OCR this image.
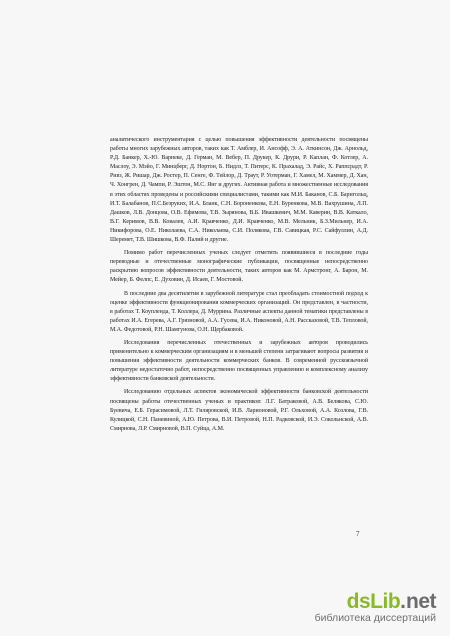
аналитического инструментария с целью повышения эффективности деятельности посвящены работы многих зарубежных авторов, таких как Т. Амблер, И. Ансофф, Э. А. Аткинсон, Дж. Арнольд, Р.Д. Банкер, Х.-Ю. Варнеке, Д. Герман, М. Вебер, П. Друкер, К. Друри, Р. Каплан, Ф. Котлер, А. Маслоу, Э. Мэйо, Г. Минцберг, Д. Нортон, Б. Нидлз, Т. Питерс, К. Прахалад, Э. Райс, Х. Раппсрадт, Р. Ривз, Ж. Ришар, Дж. Ростер, П. Сенге, Ф. Тейлор, Д. Траут, Р. Уотерман, Г. Хамел, М. Хаммер, Д. Хан, Ч. Хонгрен, Д. Чампи, Р. Эштон, М.С. Янг и других. Активная работа и множественные исследования в этих областях проведены и российскими специалистами, такими как М.И. Баканов, С.Б. Барнгольц, И.Т. Балабанов, П.С.Безруких, И.А. Бланк, С.Н. Бороненкова, Е.Н. Буренкова, М.В. Вахрушина, Л.П. Дашков, Л.В. Донцова, О.В. Ефимова, Т.В. Зырянова, В.Б. Ивашкевич, М.М. Каверин, В.В. Каткало, В.Г. Керимов, В.В. Ковалев, А.И. Кравченко, Д.И. Кравченко, М.В. Мельник, Б.З.Мильнер, И.А. Никифорова, О.Е. Николаева, С.А. Николаева, С.И. Полякова, Г.В. Савицкая, Р.С. Сайфуллин, А.Д. Шеремет, Т.В. Шишкова, В.Ф. Палий и другие.

Помимо работ перечисленных ученых следует отметить появившиеся в последние годы переводные и отечественные монографические публикации, посвященные непосредственно раскрытию вопросов эффективности деятельности, таких авторов как М. Армстронг, А. Барон, М. Мейер, Б. Фелпс, Е. Духовин, Д. Исаев, Г. Мостовой.

В последние два десятилетия в зарубежной литературе стал преобладать стоимостной подход к оценке эффективности функционирования коммерческих организаций. Он представлен, в частности, в работах Т. Коуплендa, Т. Коллера, Д. Муррина. Различные аспекты данной тематики представлены в работах И.А. Егерева, А.Г. Грязновой, А.А. Гусева, И.А. Никоновой, А.Н. Рассказовой, Т.В. Тепловой, М.А. Федотовой, Р.Н. Шамгунова, О.Н. Щербаковой.

Исследования перечисленных отечественных и зарубежных авторов проводились применительно к коммерческим организациям и в меньшей степени затрагивают вопросы развития и повышения эффективности деятельности коммерческих банков. В современной русскоязычной литературе недостаточно работ, непосредственно посвященных управлению и комплексному анализу эффективности банковской деятельности.

Исследованию отдельных аспектов экономической эффективности банковской деятельности посвящены работы отечественных ученых и практиков: Л.Г. Батраковой, А.В. Беляковa, С.Ю. Буевича, Е.Б. Герасимовой, Л.Т. Гиляровской, И.В. Ларионовой, Р.Г. Ольховой, А.А. Козлова, Г.В. Кулицкой, С.Н. Паневиной, А.Ю. Петрова, В.И. Петровой, Н.П. Радковской, И.Э. Сокольнской, А.В. Смирнова, Л.Р. Смирновой, В.П. Суйца, А.М.

7
dsLib . net
библиотека диссертаций
